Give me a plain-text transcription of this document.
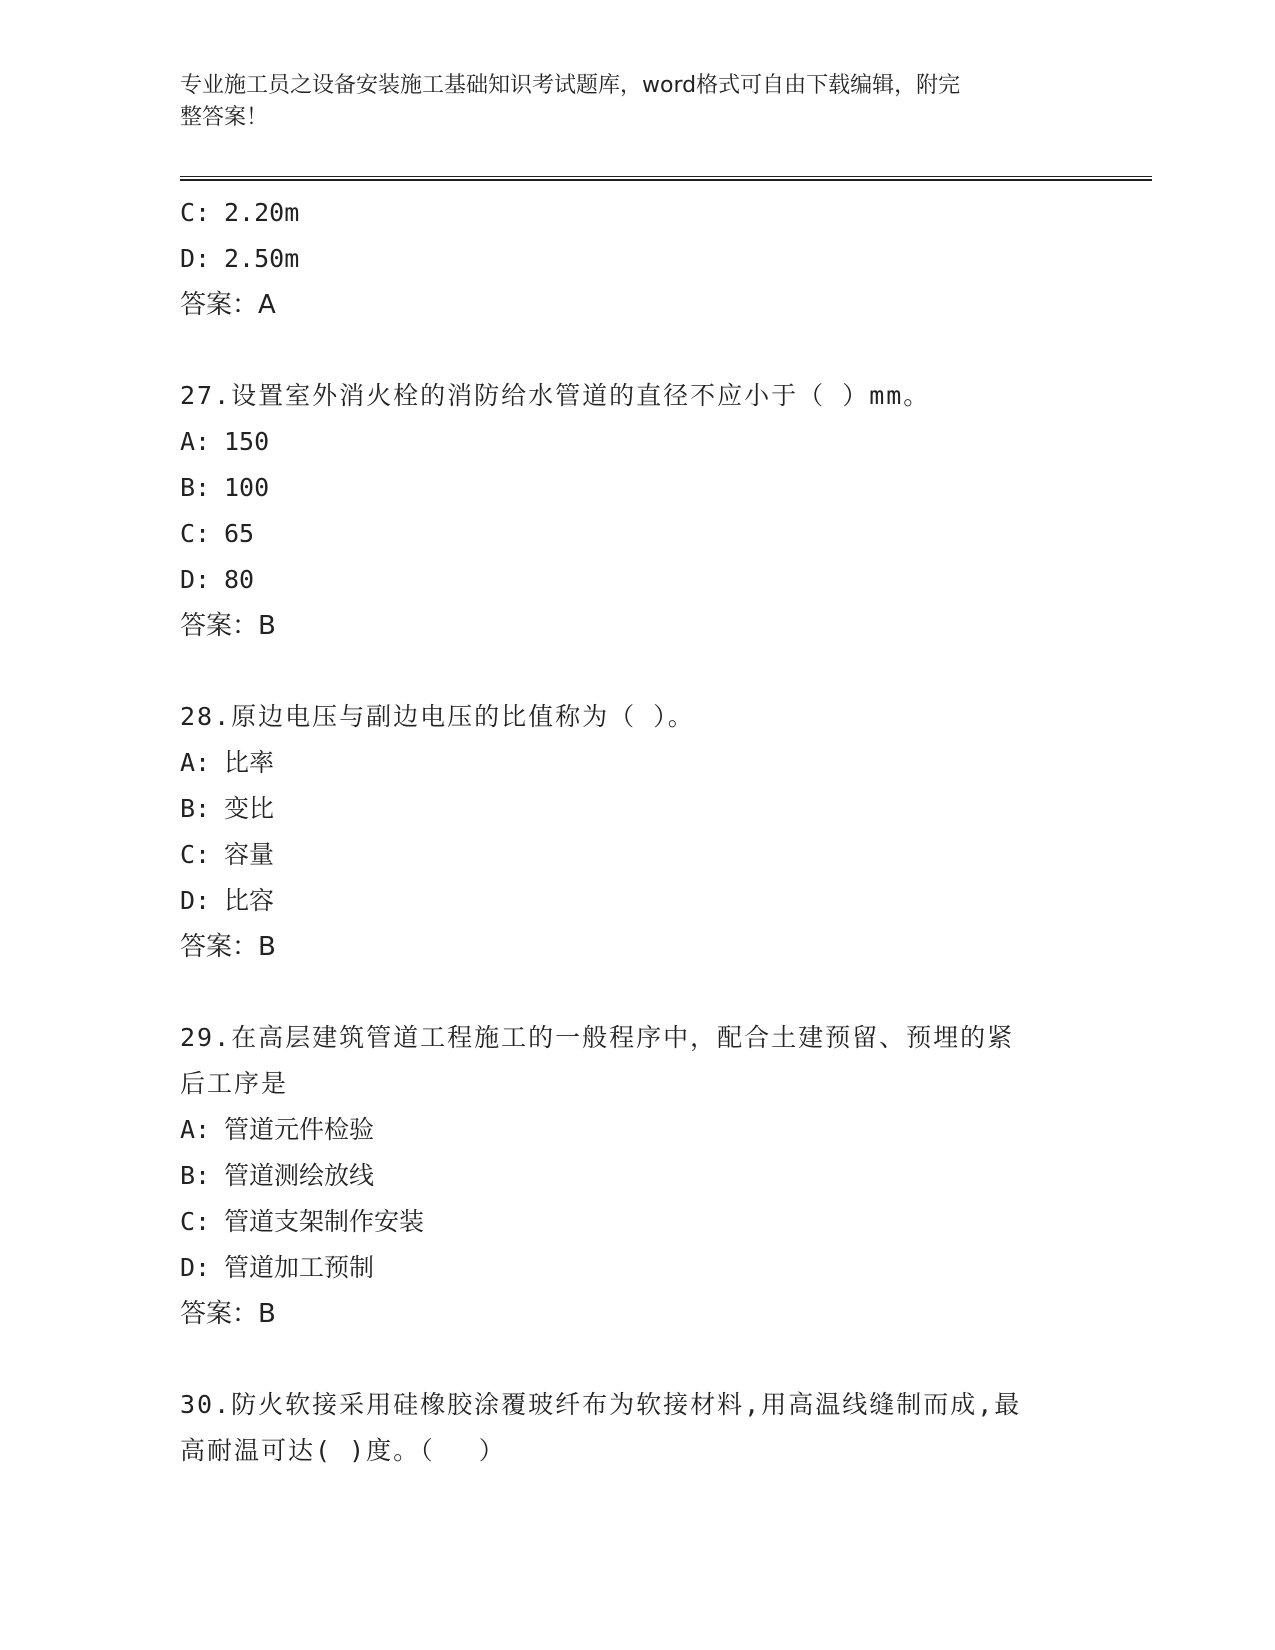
专业施工员之设备安装施工基础知识考试题库，word格式可自由下载编辑，附完
整答案！
C: 2.20m
D: 2.50m
答案：A
27.设置室外消火栓的消防给水管道的直径不应小于（ ）mm。
A: 150
B: 100
C: 65
D: 80
答案：B
28.原边电压与副边电压的比值称为（ ）。
A: 比率
B: 变比
C: 容量
D: 比容
答案：B
29.在高层建筑管道工程施工的一般程序中，配合土建预留、预埋的紧
后工序是
A: 管道元件检验
B: 管道测绘放线
C: 管道支架制作安装
D: 管道加工预制
答案：B
30.防火软接采用硅橡胶涂覆玻纤布为软接材料,用高温线缝制而成,最
高耐温可达( )度。（　 ）
